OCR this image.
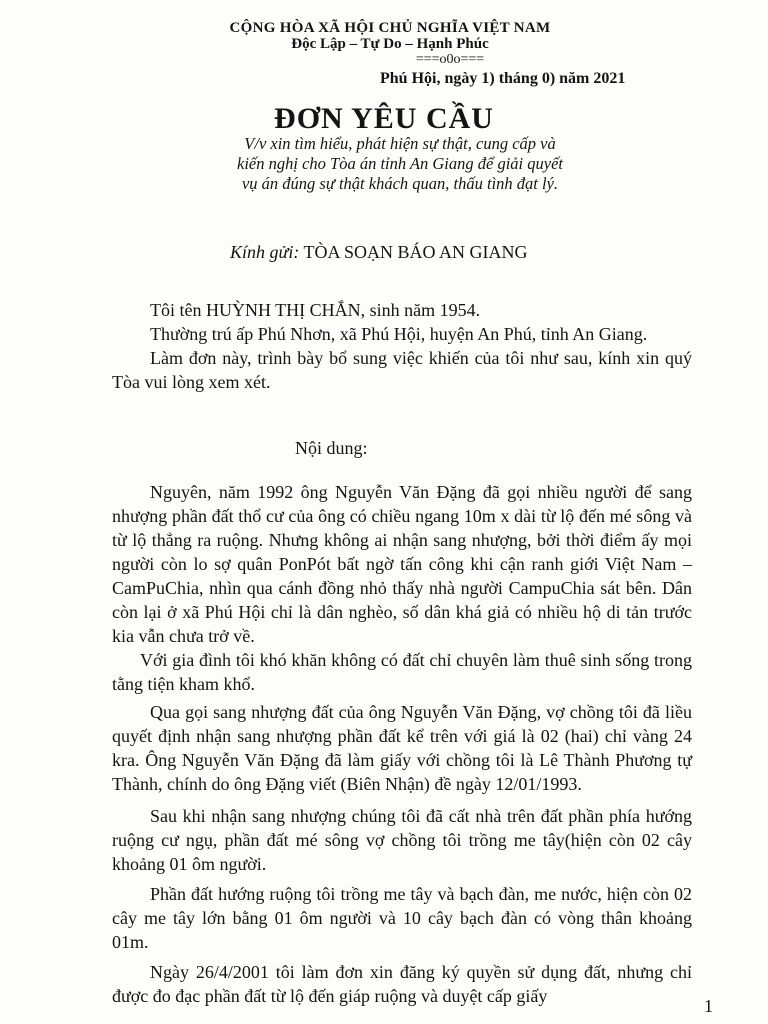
CỘNG HÒA XÃ HỘI CHỦ NGHĨA VIỆT NAM
Độc Lập – Tự Do – Hạnh Phúc
===o0o===
Phú Hội, ngày 1) tháng 0) năm 2021
ĐƠN YÊU CẦU
V/v xin tìm hiểu, phát hiện sự thật, cung cấp và
kiến nghị cho Tòa án tỉnh An Giang để giải quyết
vụ án đúng sự thật khách quan, thấu tình đạt lý.
Kính gửi: TÒA SOẠN BÁO AN GIANG

Tôi tên HUỲNH THỊ CHẮN, sinh năm 1954.

Thường trú ấp Phú Nhơn, xã Phú Hội, huyện An Phú, tỉnh An Giang.

Làm đơn này, trình bày bổ sung việc khiến của tôi như sau, kính xin quý Tòa vui lòng xem xét.

Nội dung:

Nguyên, năm 1992 ông Nguyễn Văn Đặng đã gọi nhiều người để sang nhượng phần đất thổ cư của ông có chiều ngang 10m x dài từ lộ đến mé sông và từ lộ thẳng ra ruộng. Nhưng không ai nhận sang nhượng, bởi thời điểm ấy mọi người còn lo sợ quân PonPót bất ngờ tấn công khi cận ranh giới Việt Nam – CamPuChia, nhìn qua cánh đồng nhỏ thấy nhà người CampuChia sát bên. Dân còn lại ở xã Phú Hội chỉ là dân nghèo, số dân khá giả có nhiều hộ di tản trước kia vẫn chưa trở về.

Với gia đình tôi khó khăn không có đất chỉ chuyên làm thuê sinh sống trong tằng tiện kham khổ.

Qua gọi sang nhượng đất của ông Nguyễn Văn Đặng, vợ chồng tôi đã liều quyết định nhận sang nhượng phần đất kể trên với giá là 02 (hai) chỉ vàng 24 kra. Ông Nguyễn Văn Đặng đã làm giấy với chồng tôi là Lê Thành Phương tự Thành, chính do ông Đặng viết (Biên Nhận) đề ngày 12/01/1993.

Sau khi nhận sang nhượng chúng tôi đã cất nhà trên đất phần phía hướng ruộng cư ngụ, phần đất mé sông vợ chồng tôi trồng me tây(hiện còn 02 cây khoảng 01 ôm người.

Phần đất hướng ruộng tôi trồng me tây và bạch đàn, me nước, hiện còn 02 cây me tây lớn bằng 01 ôm người và 10 cây bạch đàn có vòng thân khoảng 01m.

Ngày 26/4/2001 tôi làm đơn xin đăng ký quyền sử dụng đất, nhưng chỉ được đo đạc phần đất từ lộ đến giáp ruộng và duyệt cấp giấy	1
